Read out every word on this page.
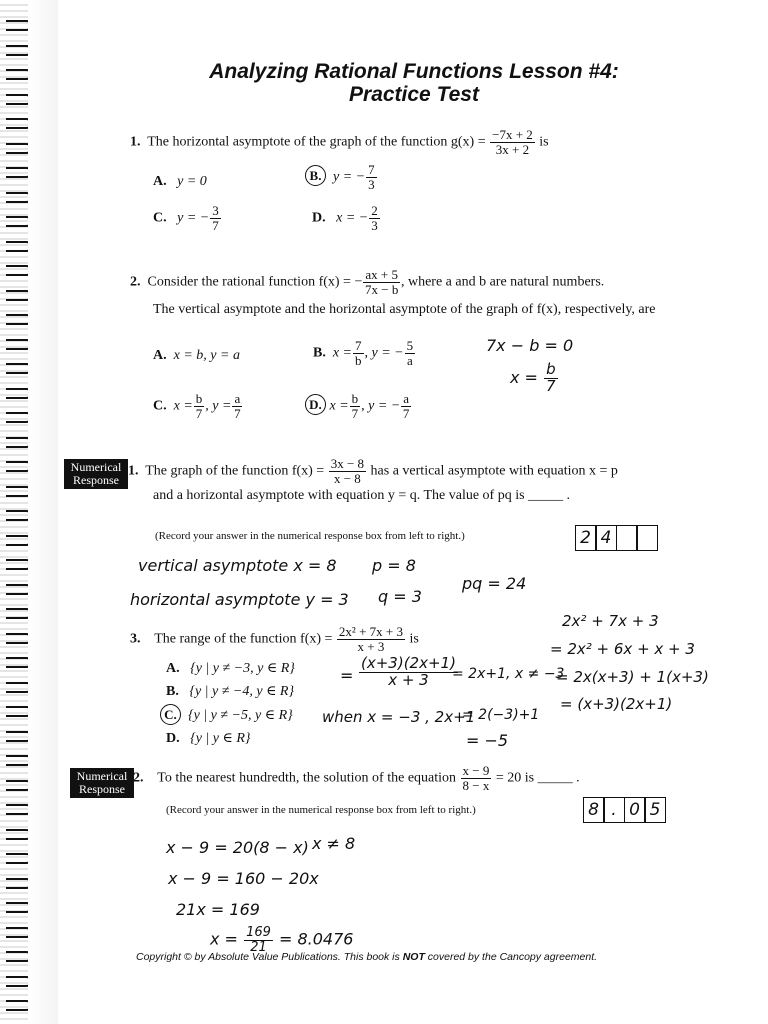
Analyzing Rational Functions Lesson #4:
Practice Test
1. The horizontal asymptote of the graph of the function $g(x) = \frac{-7x + 2}{3x + 2}$ is
A. y = 0	B. y = − $\frac{7}{3}$
C. y = − $\frac{3}{7}$	D. x = − $\frac{2}{3}$
2. Consider the rational function f(x) = − $\frac{ax + 5}{7x - b}$ , where a and b are natural numbers.
The vertical asymptote and the horizontal asymptote of the graph of f(x), respectively, are
A. x = b, y = a	B. $x = \frac{7}{b}$ , y = − $\frac{5}{a}$
C. $x = \frac{b}{7}$ , $y = \frac{a}{7}$	D. $x = \frac{b}{7}$ , y = − $\frac{a}{7}$
7x − b = 0
$x = \frac{b}{7}$
Numerical Response
1. The graph of the function $f(x) = \frac{3x - 8}{x - 8}$ has a vertical asymptote with equation x = p
and a horizontal asymptote with equation y = q. The value of pq is _____ .
(Record your answer in the numerical response box from left to right.)	2 4
vertical asymptote x = 8 p = 8
horizontal asymptote y = 3 q = 3
pq = 24
3. The range of the function $f(x) = \frac{\text{2x² + 7x + 3}}{x + 3}$ is
A. {y | y ≠ −3, y ∈ R}
B. {y | y ≠ −4, y ∈ R}
C. {y | y ≠ −5, y ∈ R}
D. {y | y ∈ R}
= $\frac{(x+3)(2x+1)}{x + 3}$
= 2x+1, x ≠ −3
when x = −3 , 2x+1
= 2(−3)+1
= −5
2x² + 7x + 3
= 2x² + 6x + x + 3
= 2x(x+3) + 1(x+3)
= (x+3)(2x+1)
Numerical Response
2. To the nearest hundredth, the solution of the equation $\frac{x - 9}{8 - x} = 20$ is _____ .
(Record your answer in the numerical response box from left to right.)	8 . 0 5
x − 9 = 20(8 − x) x ≠ 8
x − 9 = 160 − 20x
21x = 169
$x = \frac{169}{21} = 8.0476$
Copyright © by Absolute Value Publications. This book is NOT covered by the Cancopy agreement.
